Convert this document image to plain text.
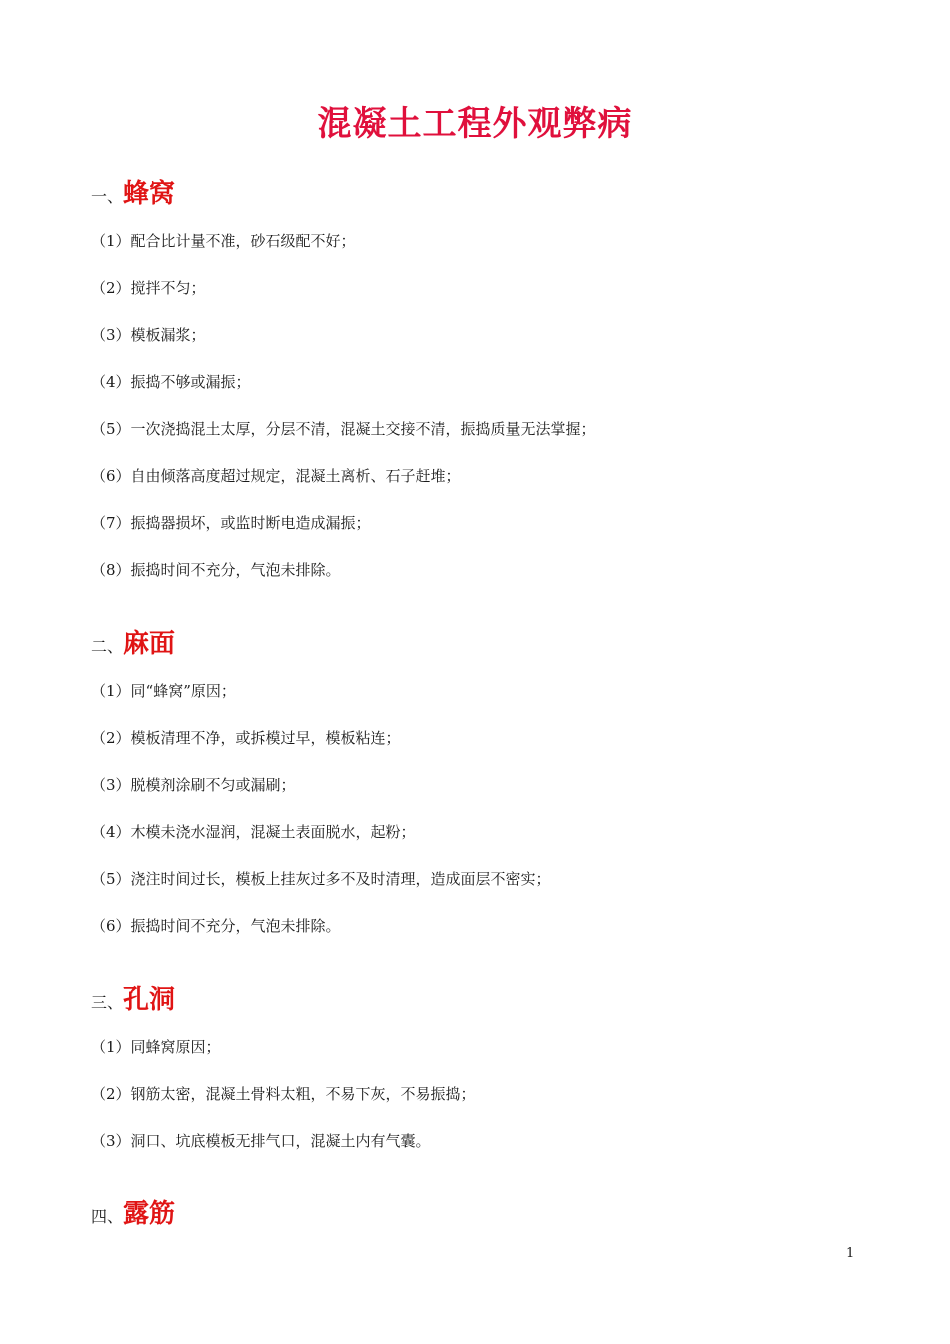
混凝土工程外观弊病
一、蜂窝
（1）配合比计量不准，砂石级配不好；
（2）搅拌不匀；
（3）模板漏浆；
（4）振捣不够或漏振；
（5）一次浇捣混土太厚，分层不清，混凝土交接不清，振捣质量无法掌握；
（6）自由倾落高度超过规定，混凝土离析、石子赶堆；
（7）振捣器损坏，或监时断电造成漏振；
（8）振捣时间不充分，气泡未排除。
二、麻面
（1）同“蜂窝”原因；
（2）模板清理不净，或拆模过早，模板粘连；
（3）脱模剂涂刷不匀或漏刷；
（4）木模未浇水湿润，混凝土表面脱水，起粉；
（5）浇注时间过长，模板上挂灰过多不及时清理，造成面层不密实；
（6）振捣时间不充分，气泡未排除。
三、孔洞
（1）同蜂窝原因；
（2）钢筋太密，混凝土骨料太粗，不易下灰，不易振捣；
（3）洞口、坑底模板无排气口，混凝土内有气囊。
四、露筋
1
